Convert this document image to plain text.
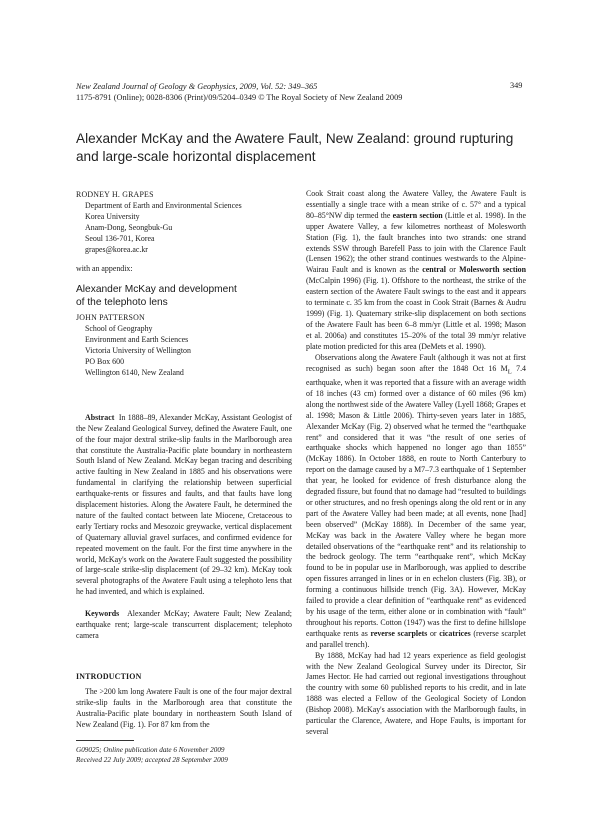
New Zealand Journal of Geology & Geophysics, 2009, Vol. 52: 349–365
1175-8791 (Online); 0028-8306 (Print)/09/5204–0349 © The Royal Society of New Zealand 2009
349
Alexander McKay and the Awatere Fault, New Zealand: ground rupturing and large-scale horizontal displacement
RODNEY H. GRAPES
Department of Earth and Environmental Sciences
Korea University
Anam-Dong, Seongbuk-Gu
Seoul 136-701, Korea
grapes@korea.ac.kr
with an appendix:
Alexander McKay and development
of the telephoto lens
JOHN PATTERSON
School of Geography
Environment and Earth Sciences
Victoria University of Wellington
PO Box 600
Wellington 6140, New Zealand

Abstract In 1888–89, Alexander McKay, Assistant Geologist of the New Zealand Geological Survey, defined the Awatere Fault, one of the four major dextral strike-slip faults in the Marlborough area that constitute the Australia-Pacific plate boundary in northeastern South Island of New Zealand. McKay began tracing and describing active faulting in New Zealand in 1885 and his observations were fundamental in clarifying the relationship between superficial earthquake-rents or fissures and faults, and that faults have long displacement histories. Along the Awatere Fault, he determined the nature of the faulted contact between late Miocene, Cretaceous to early Tertiary rocks and Mesozoic greywacke, vertical displacement of Quaternary alluvial gravel surfaces, and confirmed evidence for repeated movement on the fault. For the first time anywhere in the world, McKay's work on the Awatere Fault suggested the possibility of large-scale strike-slip displacement (of 29–32 km). McKay took several photographs of the Awatere Fault using a telephoto lens that he had invented, and which is explained.

Keywords Alexander McKay; Awatere Fault; New Zealand; earthquake rent; large-scale transcurrent displacement; telephoto camera

INTRODUCTION

The >200 km long Awatere Fault is one of the four major dextral strike-slip faults in the Marlborough area that constitute the Australia-Pacific plate boundary in northeastern South Island of New Zealand (Fig. 1). For 87 km from the

G09025; Online publication date 6 November 2009
Received 22 July 2009; accepted 28 September 2009

Cook Strait coast along the Awatere Valley, the Awatere Fault is essentially a single trace with a mean strike of c. 57° and a typical 80–85°NW dip termed the eastern section (Little et al. 1998). In the upper Awatere Valley, a few kilometres northeast of Molesworth Station (Fig. 1), the fault branches into two strands: one strand extends SSW through Barefell Pass to join with the Clarence Fault (Lensen 1962); the other strand continues westwards to the Alpine-Wairau Fault and is known as the central or Molesworth section (McCalpin 1996) (Fig. 1). Offshore to the northeast, the strike of the eastern section of the Awatere Fault swings to the east and it appears to terminate c. 35 km from the coast in Cook Strait (Barnes & Audru 1999) (Fig. 1). Quaternary strike-slip displacement on both sections of the Awatere Fault has been 6–8 mm/yr (Little et al. 1998; Mason et al. 2006a) and constitutes 15–20% of the total 39 mm/yr relative plate motion predicted for this area (DeMets et al. 1990).

Observations along the Awatere Fault (although it was not at first recognised as such) began soon after the 1848 Oct 16 $M_L$ 7.4 earthquake, when it was reported that a fissure with an average width of 18 inches (43 cm) formed over a distance of 60 miles (96 km) along the northwest side of the Awatere Valley (Lyell 1868; Grapes et al. 1998; Mason & Little 2006). Thirty-seven years later in 1885, Alexander McKay (Fig. 2) observed what he termed the “earthquake rent” and considered that it was “the result of one series of earthquake shocks which happened no longer ago than 1855” (McKay 1886). In October 1888, en route to North Canterbury to report on the damage caused by a M7–7.3 earthquake of 1 September that year, he looked for evidence of fresh disturbance along the degraded fissure, but found that no damage had “resulted to buildings or other structures, and no fresh openings along the old rent or in any part of the Awatere Valley had been made; at all events, none [had] been observed” (McKay 1888). In December of the same year, McKay was back in the Awatere Valley where he began more detailed observations of the “earthquake rent” and its relationship to the bedrock geology. The term “earthquake rent”, which McKay found to be in popular use in Marlborough, was applied to describe open fissures arranged in lines or in en echelon clusters (Fig. 3B), or forming a continuous hillside trench (Fig. 3A). However, McKay failed to provide a clear definition of “earthquake rent” as evidenced by his usage of the term, either alone or in combination with “fault” throughout his reports. Cotton (1947) was the first to define hillslope earthquake rents as reverse scarplets or cicatrices (reverse scarplet and parallel trench).

By 1888, McKay had had 12 years experience as field geologist with the New Zealand Geological Survey under its Director, Sir James Hector. He had carried out regional investigations throughout the country with some 60 published reports to his credit, and in late 1888 was elected a Fellow of the Geological Society of London (Bishop 2008). McKay's association with the Marlborough faults, in particular the Clarence, Awatere, and Hope Faults, is important for several
